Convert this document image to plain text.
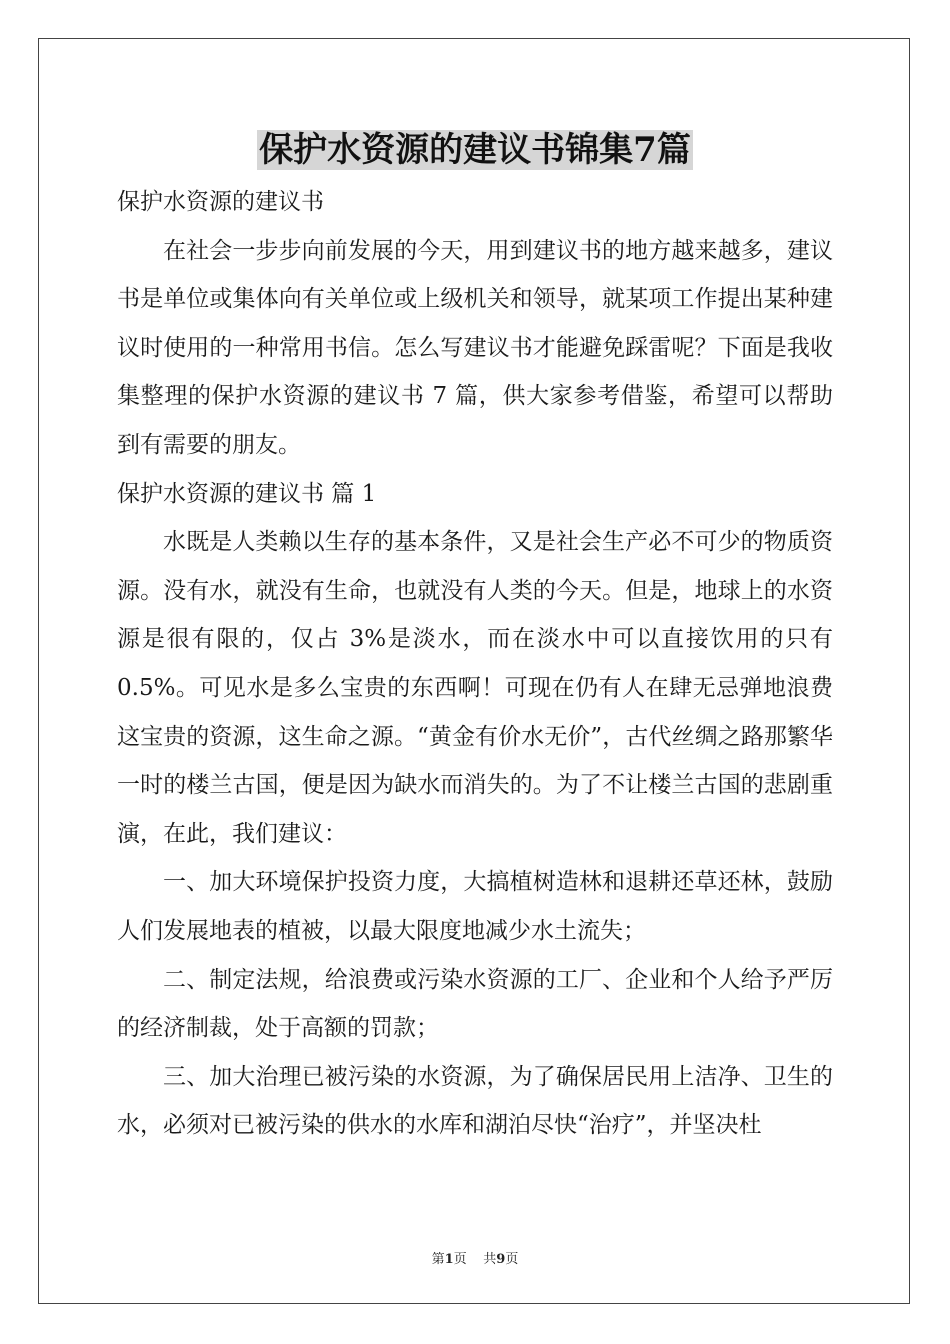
保护水资源的建议书锦集7篇

保护水资源的建议书

在社会一步步向前发展的今天，用到建议书的地方越来越多，建议书是单位或集体向有关单位或上级机关和领导，就某项工作提出某种建议时使用的一种常用书信。怎么写建议书才能避免踩雷呢？下面是我收集整理的保护水资源的建议书 7 篇，供大家参考借鉴，希望可以帮助到有需要的朋友。

保护水资源的建议书 篇 1

水既是人类赖以生存的基本条件，又是社会生产必不可少的物质资源。没有水，就没有生命，也就没有人类的今天。但是，地球上的水资源是很有限的，仅占 3%是淡水，而在淡水中可以直接饮用的只有 0.5%。可见水是多么宝贵的东西啊！可现在仍有人在肆无忌弹地浪费这宝贵的资源，这生命之源。“黄金有价水无价”，古代丝绸之路那繁华一时的楼兰古国，便是因为缺水而消失的。为了不让楼兰古国的悲剧重演，在此，我们建议：

一、加大环境保护投资力度，大搞植树造林和退耕还草还林，鼓励人们发展地表的植被，以最大限度地减少水土流失；

二、制定法规，给浪费或污染水资源的工厂、企业和个人给予严厉的经济制裁，处于高额的罚款；

三、加大治理已被污染的水资源，为了确保居民用上洁净、卫生的水，必须对已被污染的供水的水库和湖泊尽快“治疗”，并坚决杜

第1页 共9页
